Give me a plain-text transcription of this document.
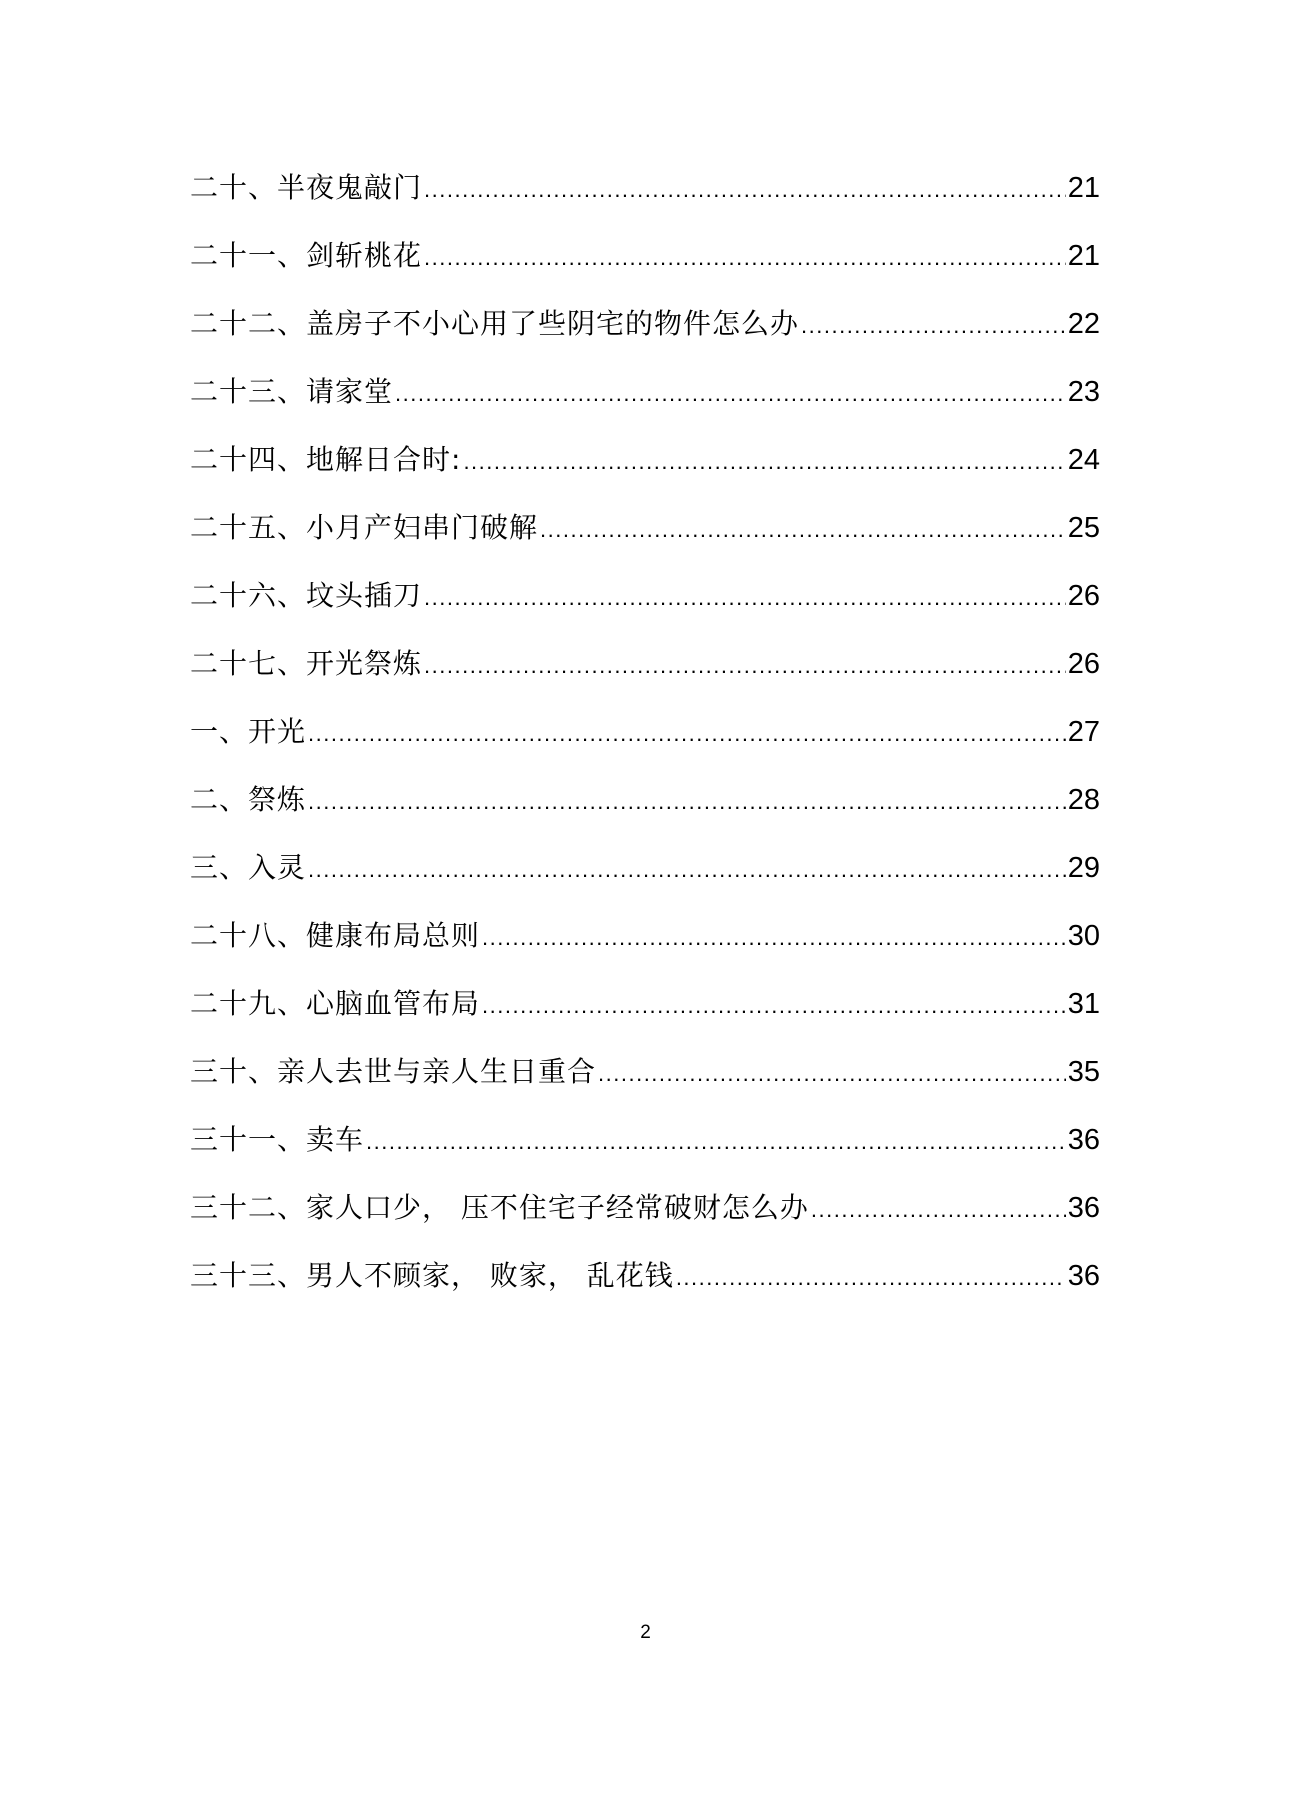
二十、半夜鬼敲门 .....	21
二十一、剑斩桃花 .....	21
二十二、盖房子不小心用了些阴宅的物件怎么办 .....	22
二十三、请家堂 .....	23
二十四、地解日合时: .....	24
二十五、小月产妇串门破解 .....	25
二十六、坟头插刀 .....	26
二十七、开光祭炼 .....	26
一、开光 .....	27
二、祭炼 .....	28
三、入灵 .....	29
二十八、健康布局总则 .....	30
二十九、心脑血管布局 .....	31
三十、亲人去世与亲人生日重合 .....	35
三十一、卖车 .....	36
三十二、家人口少， 压不住宅子经常破财怎么办 .....	36
三十三、男人不顾家， 败家， 乱花钱 .....	36
2
